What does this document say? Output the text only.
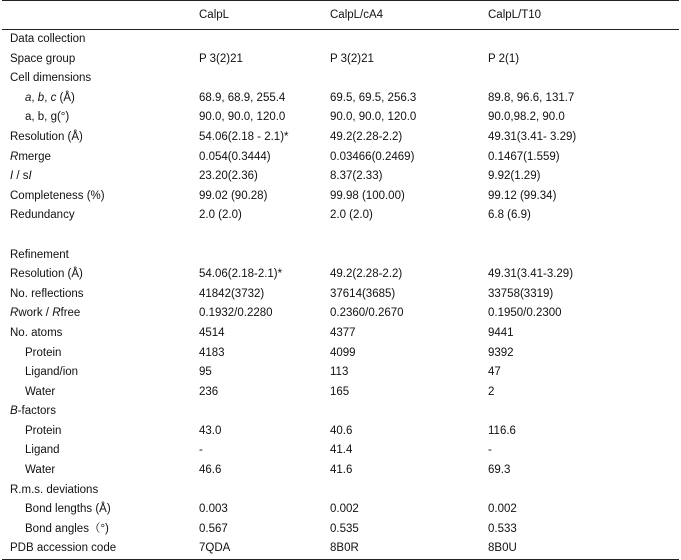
	CalpL	CalpL/cA4	CalpL/T10
Data collection			
Space group	P 3(2)21	P 3(2)21	P 2(1)
Cell dimensions			
a, b, c (Å)	68.9, 68.9, 255.4	69.5, 69.5, 256.3	89.8, 96.6, 131.7
a, b, g(°)	90.0, 90.0, 120.0	90.0, 90.0, 120.0	90.0,98.2, 90.0
Resolution (Å)	54.06(2.18 - 2.1)*	49.2(2.28-2.2)	49.31(3.41- 3.29)
Rmerge	0.054(0.3444)	0.03466(0.2469)	0.1467(1.559)
I / sI	23.20(2.36)	8.37(2.33)	9.92(1.29)
Completeness (%)	99.02 (90.28)	99.98 (100.00)	99.12 (99.34)
Redundancy	2.0 (2.0)	2.0 (2.0)	6.8 (6.9)

Refinement			
Resolution (Å)	54.06(2.18-2.1)*	49.2(2.28-2.2)	49.31(3.41-3.29)
No. reflections	41842(3732)	37614(3685)	33758(3319)
Rwork / Rfree	0.1932/0.2280	0.2360/0.2670	0.1950/0.2300
No. atoms	4514	4377	9441
Protein	4183	4099	9392
Ligand/ion	95	113	47
Water	236	165	2
B-factors			
Protein	43.0	40.6	116.6
Ligand	-	41.4	-
Water	46.6	41.6	69.3
R.m.s. deviations			
Bond lengths (Å)	0.003	0.002	0.002
Bond angles（°)	0.567	0.535	0.533
PDB accession code	7QDA	8B0R	8B0U
